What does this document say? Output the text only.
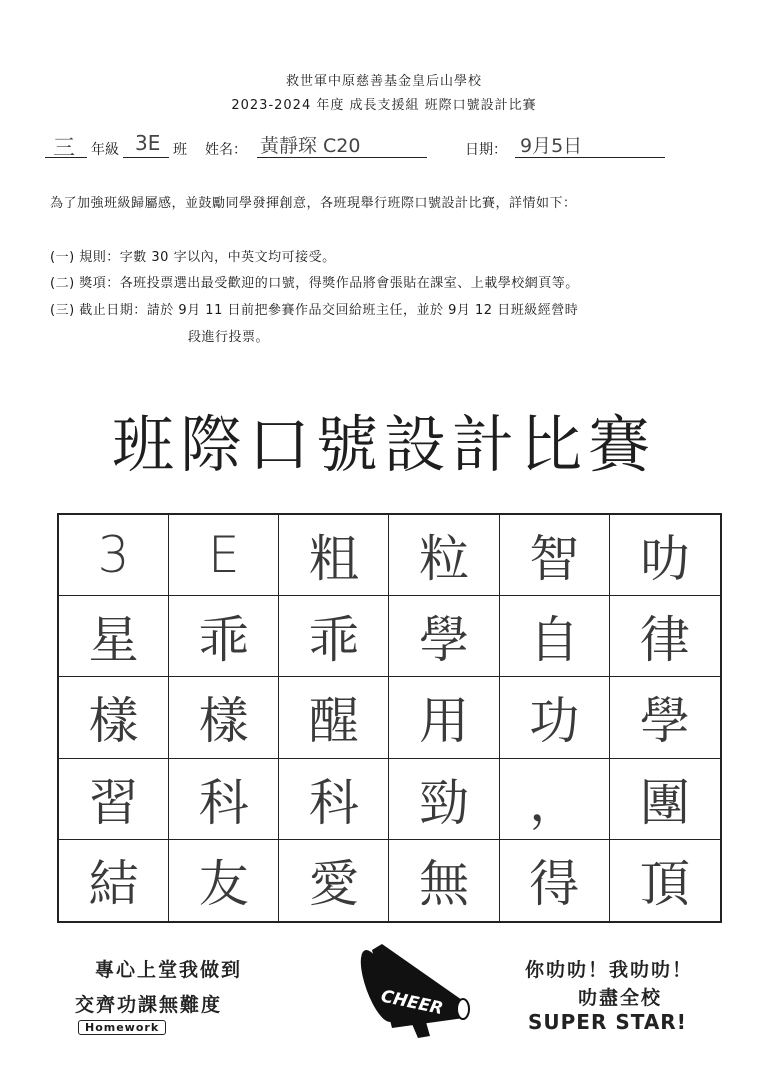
救世軍中原慈善基金皇后山學校
2023-2024 年度 成長支援組 班際口號設計比賽
三 年級 3E 班 姓名： 黃靜琛 C20	日期： 9月5日
為了加強班級歸屬感，並鼓勵同學發揮創意，各班現舉行班際口號設計比賽，詳情如下：
(一) 規則：字數 30 字以內，中英文均可接受。
(二) 獎項：各班投票選出最受歡迎的口號，得獎作品將會張貼在課室、上載學校網頁等。
(三) 截止日期：請於 9月 11 日前把參賽作品交回給班主任，並於 9月 12 日班級經營時
段進行投票。
班際口號設計比賽
3	E	粗	粒	智	叻
星	乖	乖	學	自	律
樣	樣	醒	用	功	學
習	科	科	勁	，	團
結	友	愛	無	得	頂
專心上堂我做到
交齊功課無難度
Homework
CHEER
你叻叻！我叻叻！
叻盡全校
SUPER STAR!
